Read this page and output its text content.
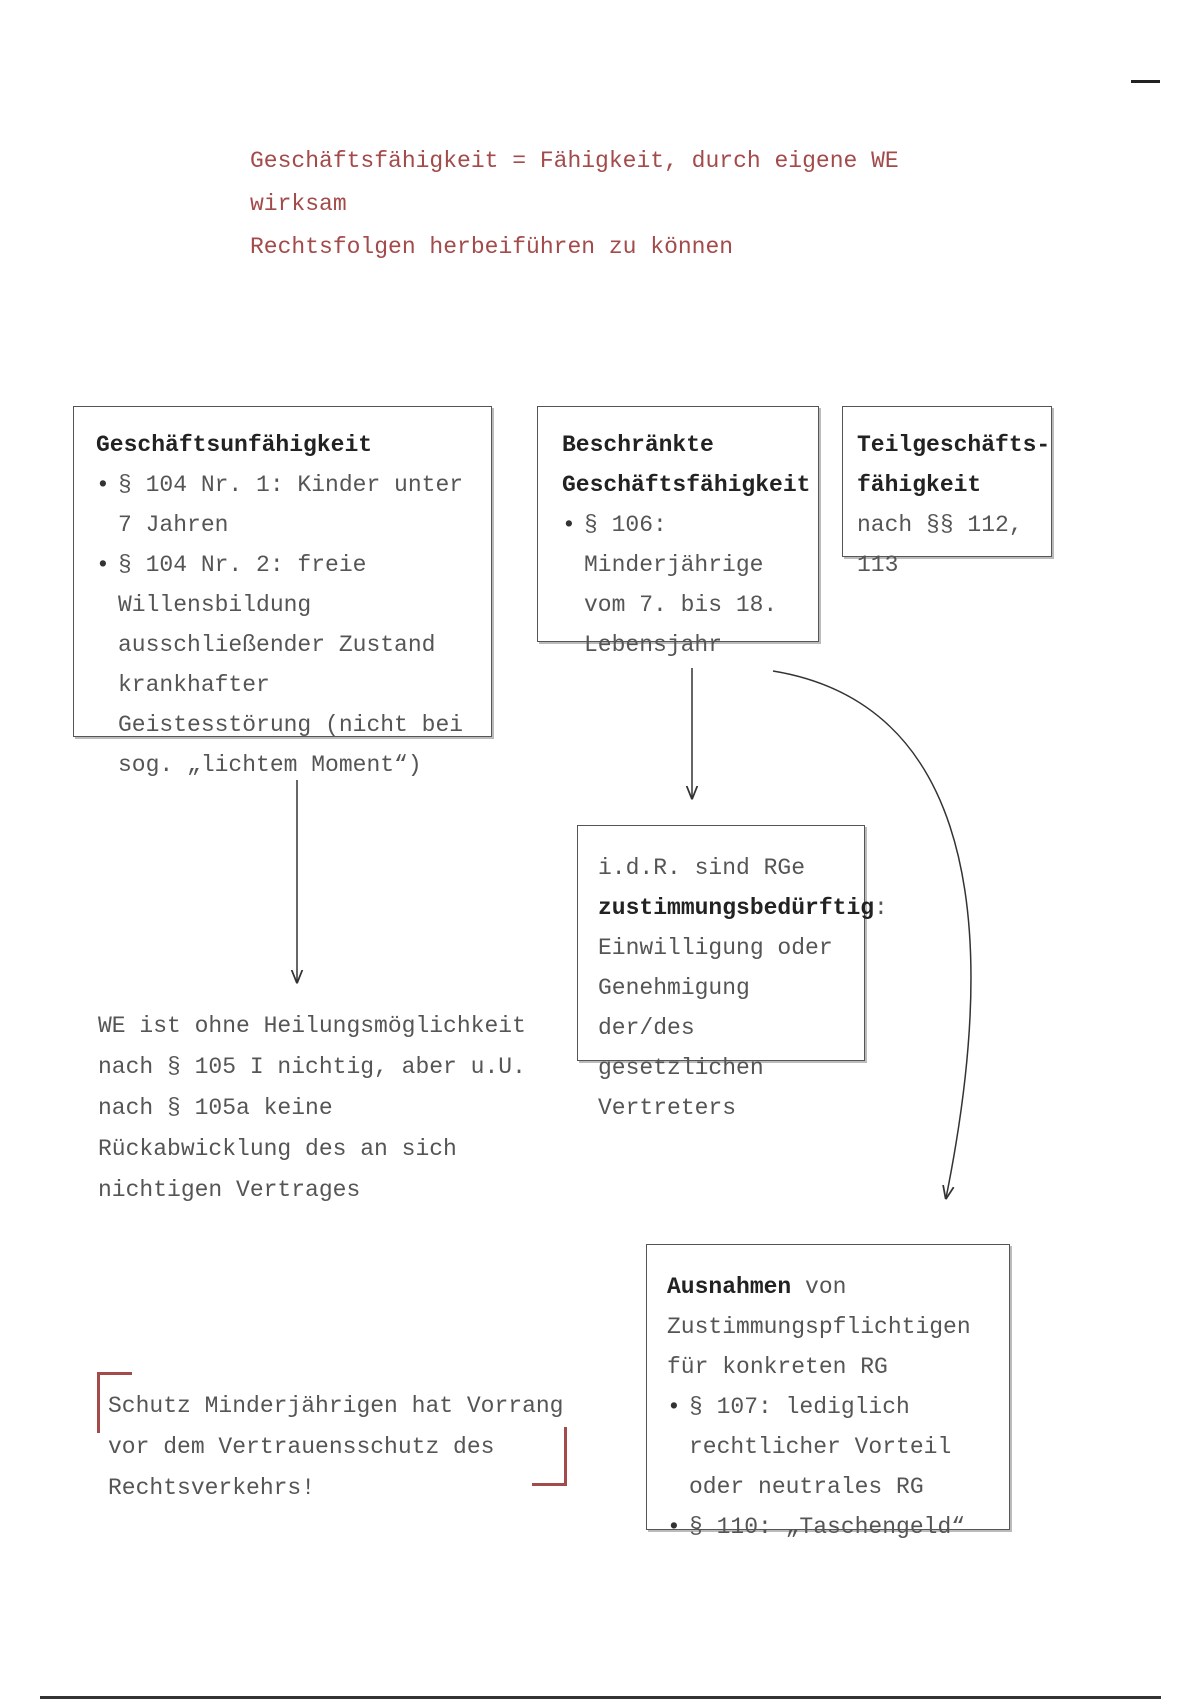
Geschäftsfähigkeit = Fähigkeit, durch eigene WE wirksam
Rechtsfolgen herbeiführen zu können
Geschäftsunfähigkeit
• § 104 Nr. 1: Kinder unter 7 Jahren
• § 104 Nr. 2: freie Willensbildung ausschließender Zustand krankhafter Geistesstörung (nicht bei sog. „lichtem Moment“)
Beschränkte
Geschäftsfähigkeit
• § 106: Minderjährige vom 7. bis 18. Lebensjahr
Teilgeschäfts-
fähigkeit
nach §§ 112, 113
i.d.R. sind RGe
zustimmungsbedürftig:
Einwilligung oder Genehmigung der/des gesetzlichen Vertreters
Ausnahmen von Zustimmungspflichtigen für konkreten RG
• § 107: lediglich rechtlicher Vorteil oder neutrales RG
• § 110: „Taschengeld“
WE ist ohne Heilungsmöglichkeit nach § 105 I nichtig, aber u.U. nach § 105a keine Rückabwicklung des an sich nichtigen Vertrages
Schutz Minderjährigen hat Vorrang vor dem Vertrauensschutz des Rechtsverkehrs!
